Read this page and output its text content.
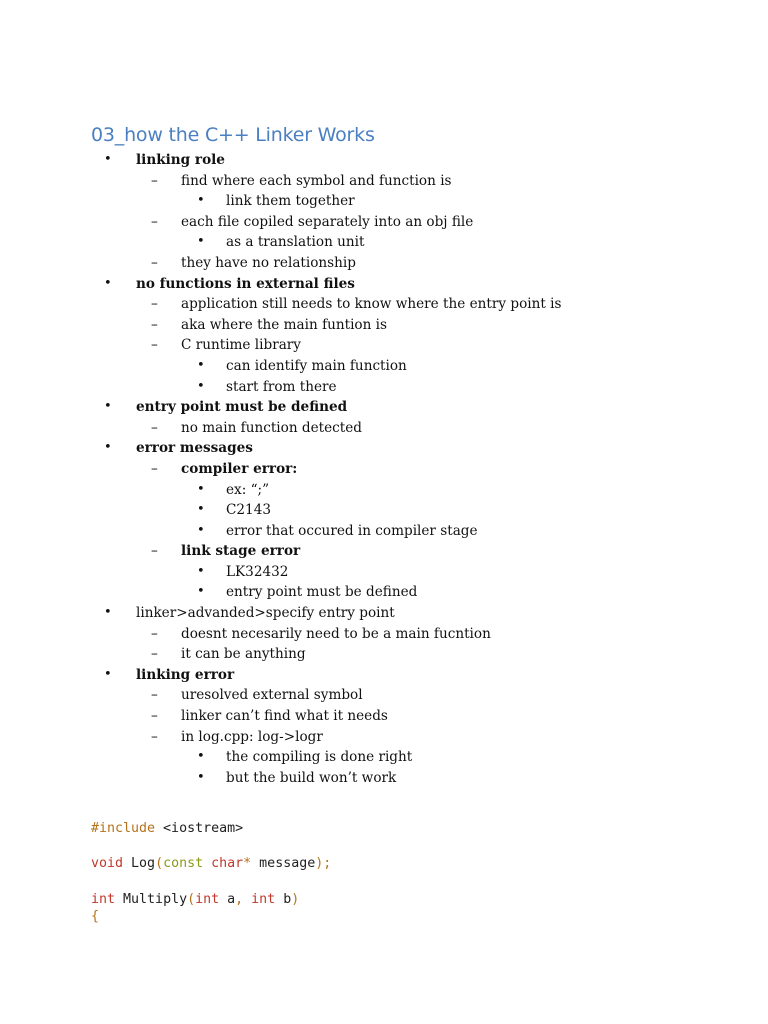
03_how the C++ Linker Works
•	linking role
–	find where each symbol and function is
•	link them together
–	each file copiled separately into an obj file
•	as a translation unit
–	they have no relationship
•	no functions in external files
–	application still needs to know where the entry point is
–	aka where the main funtion is
–	C runtime library
•	can identify main function
•	start from there
•	entry point must be defined
–	no main function detected
•	error messages
–	compiler error:
•	ex: “;”
•	C2143
•	error that occured in compiler stage
–	link stage error
•	LK32432
•	entry point must be defined
•	linker>advanded>specify entry point
–	doesnt necesarily need to be a main fucntion
–	it can be anything
•	linking error
–	uresolved external symbol
–	linker can’t find what it needs
–	in log.cpp: log->logr
•	the compiling is done right
•	but the build won’t work
#include <iostream>

void Log(const char* message);

int Multiply(int a, int b)
{
